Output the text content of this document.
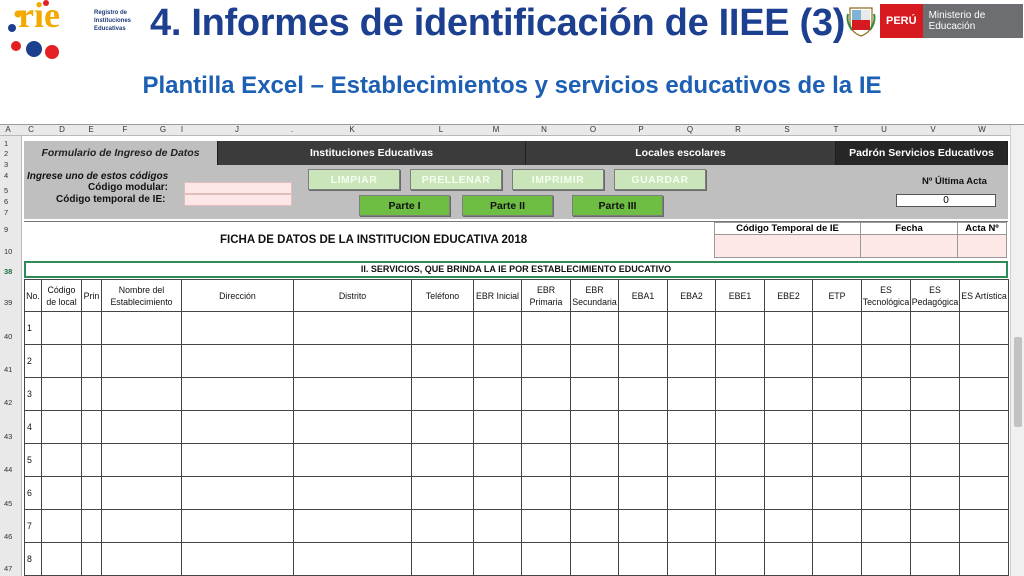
rie	Registro de Instituciones Educativas 4. Informes de identificación de IIEE (3)	PERÚ	Ministerio de Educación
Plantilla Excel – Establecimientos y servicios educativos de la IE
A C	D	E	F	G I	J	.	K	L	M	N	O	P	Q	R	S	T	U	V	W
1
2
3
4
5
6
7
9
10
38
39
40
41
42
43
44
45
46
47
Formulario de Ingreso de Datos	Instituciones Educativas	Locales escolares	Padrón Servicios Educativos
Ingrese uno de estos códigos
Código modular:
Código temporal de IE:
LIMPIAR	PRELLENAR	IMPRIMIR	GUARDAR
Parte I	Parte II	Parte III
Nº Última Acta
0
FICHA DE DATOS DE LA INSTITUCION EDUCATIVA 2018
Código Temporal de IE	Fecha	Acta Nº
II. SERVICIOS, QUE BRINDA LA IE POR ESTABLECIMIENTO EDUCATIVO
No.	Código de local	Prin	Nombre del Establecimiento	Dirección	Distrito	Teléfono	EBR Inicial	EBR Primaria	EBR Secundaria	EBA1	EBA2	EBE1	EBE2	ETP	ES Tecnológica	ES Pedagógica	ES Artística
1																	
2																	
3																	
4																	
5																	
6																	
7																	
8																	
